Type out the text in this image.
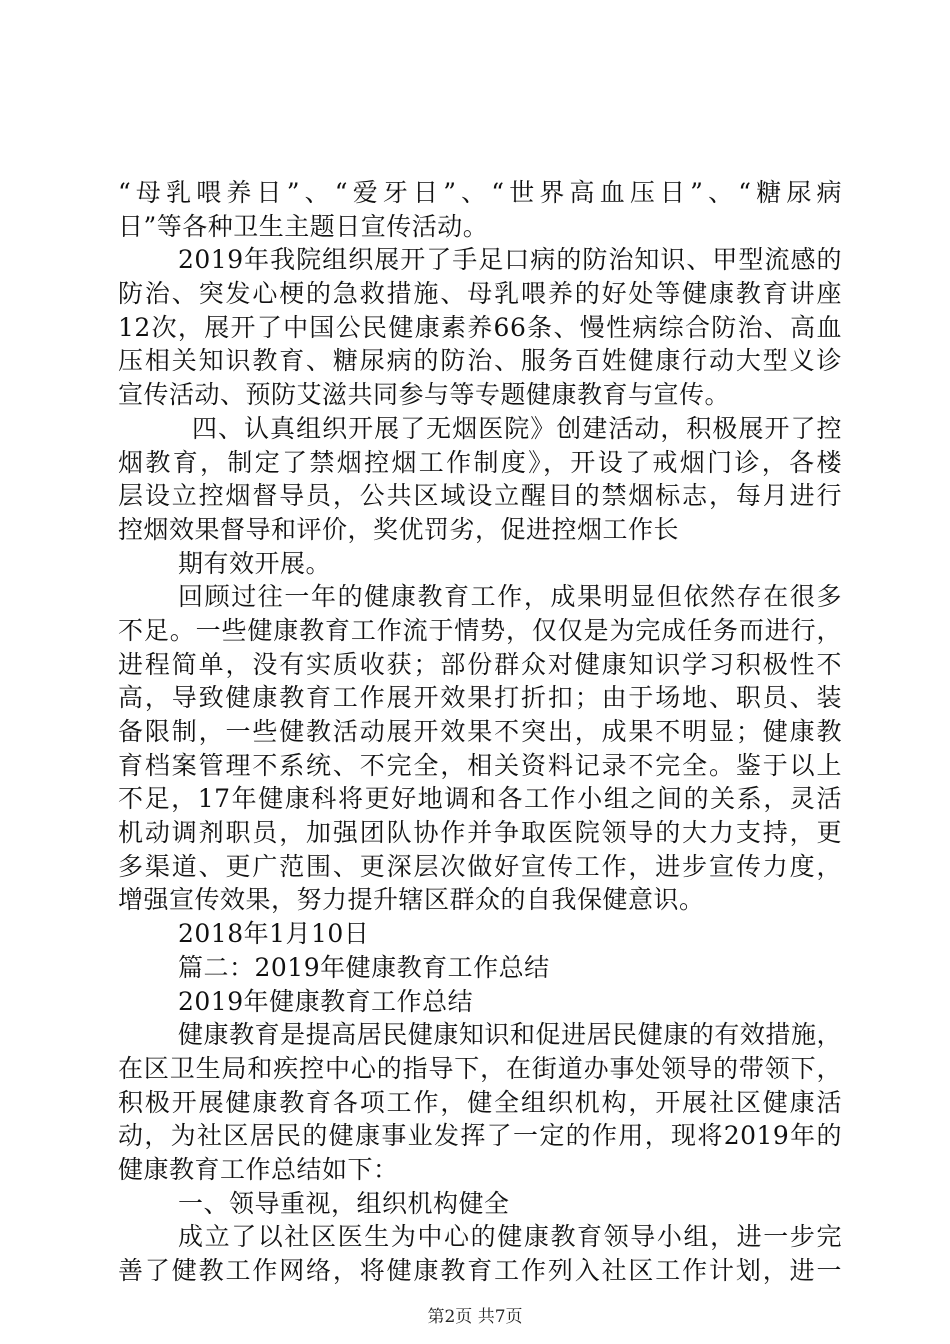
“母乳喂养日”、“爱牙日”、“世界高血压日”、“糖尿病
日”等各种卫生主题日宣传活动。
2019年我院组织展开了手足口病的防治知识、甲型流感的
防治、突发心梗的急救措施、母乳喂养的好处等健康教育讲座
12次，展开了中国公民健康素养66条、慢性病综合防治、高血
压相关知识教育、糖尿病的防治、服务百姓健康行动大型义诊
宣传活动、预防艾滋共同参与等专题健康教育与宣传。
四、认真组织开展了无烟医院》创建活动，积极展开了控
烟教育，制定了禁烟控烟工作制度》，开设了戒烟门诊，各楼
层设立控烟督导员，公共区域设立醒目的禁烟标志，每月进行
控烟效果督导和评价，奖优罚劣，促进控烟工作长
期有效开展。
回顾过往一年的健康教育工作，成果明显但依然存在很多
不足。一些健康教育工作流于情势，仅仅是为完成任务而进行，
进程简单，没有实质收获；部份群众对健康知识学习积极性不
高，导致健康教育工作展开效果打折扣；由于场地、职员、装
备限制，一些健教活动展开效果不突出，成果不明显；健康教
育档案管理不系统、不完全，相关资料记录不完全。鉴于以上
不足，17年健康科将更好地调和各工作小组之间的关系，灵活
机动调剂职员，加强团队协作并争取医院领导的大力支持，更
多渠道、更广范围、更深层次做好宣传工作，进步宣传力度，
增强宣传效果，努力提升辖区群众的自我保健意识。
2018年1月10日
篇二：2019年健康教育工作总结
2019年健康教育工作总结
健康教育是提高居民健康知识和促进居民健康的有效措施，
在区卫生局和疾控中心的指导下，在街道办事处领导的带领下，
积极开展健康教育各项工作，健全组织机构，开展社区健康活
动，为社区居民的健康事业发挥了一定的作用，现将2019年的
健康教育工作总结如下：
一、领导重视，组织机构健全
成立了以社区医生为中心的健康教育领导小组，进一步完
善了健教工作网络，将健康教育工作列入社区工作计划，进一
第2页 共7页
